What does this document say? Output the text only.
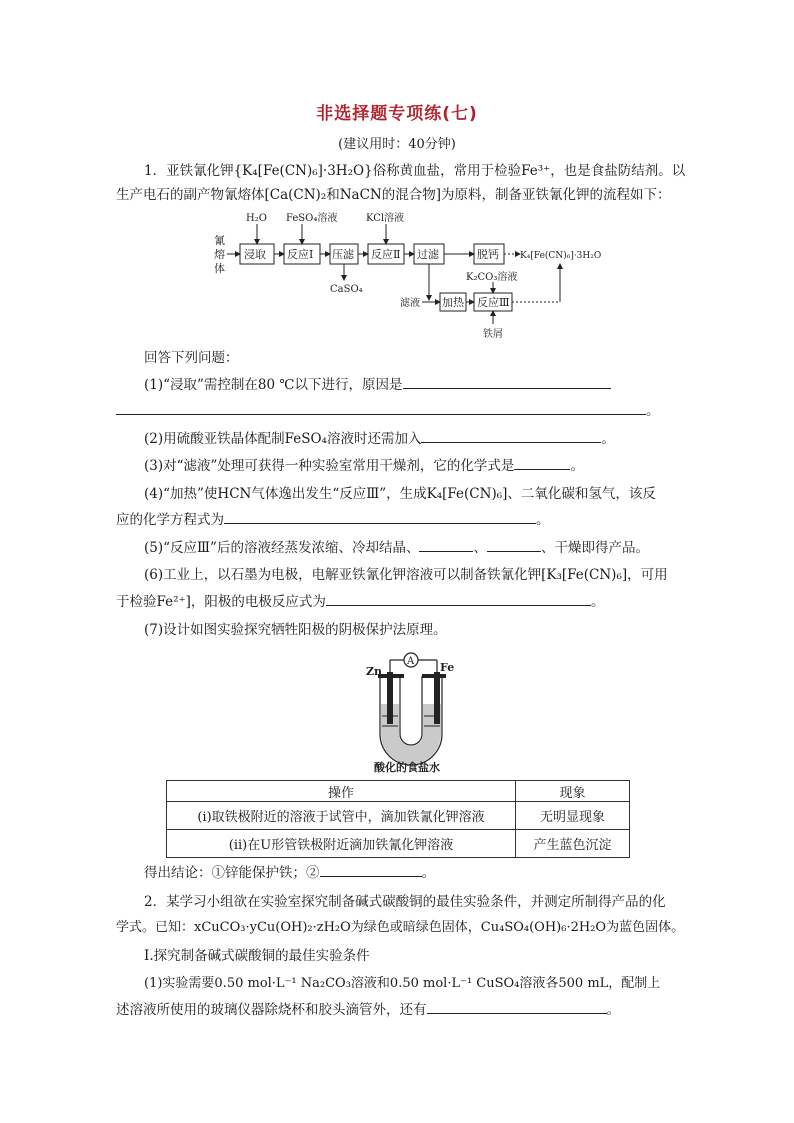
非选择题专项练(七)
(建议用时：40分钟)
1．亚铁氰化钾{K₄[Fe(CN)₆]·3H₂O}俗称黄血盐，常用于检验Fe³⁺，也是食盐防结剂。以
生产电石的副产物氰熔体[Ca(CN)₂和NaCN的混合物]为原料，制备亚铁氰化钾的流程如下：
氰
熔
体
浸取 反应Ⅰ 压滤 反应Ⅱ 过滤	脱钙
加热 反应Ⅲ
H₂O FeSO₄溶液	KCl溶液
CaSO₄
K₂CO₃溶液
滤液
铁屑
K₄[Fe(CN)₆]·3H₂O
回答下列问题：
(1)“浸取”需控制在80 ℃以下进行，原因是
。
(2)用硫酸亚铁晶体配制FeSO₄溶液时还需加入	。
(3)对“滤液”处理可获得一种实验室常用干燥剂，它的化学式是	。
(4)“加热”使HCN气体逸出发生“反应Ⅲ”，生成K₄[Fe(CN)₆]、二氧化碳和氢气，该反
应的化学方程式为	。
(5)“反应Ⅲ”后的溶液经蒸发浓缩、冷却结晶、	、	、干燥即得产品。
(6)工业上，以石墨为电极，电解亚铁氰化钾溶液可以制备铁氰化钾[K₃[Fe(CN)₆]，可用
于检验Fe²⁺]，阳极的电极反应式为	。
(7)设计如图实验探究牺牲阳极的阴极保护法原理。
A
Zn	Fe
酸化的食盐水
操作	现象
(i)取铁极附近的溶液于试管中，滴加铁氰化钾溶液	无明显现象
(ii)在U形管铁极附近滴加铁氰化钾溶液	产生蓝色沉淀
得出结论：①锌能保护铁；②	。
2．某学习小组欲在实验室探究制备碱式碳酸铜的最佳实验条件，并测定所制得产品的化
学式。已知：xCuCO₃·yCu(OH)₂·zH₂O为绿色或暗绿色固体，Cu₄SO₄(OH)₆·2H₂O为蓝色固体。
Ⅰ.探究制备碱式碳酸铜的最佳实验条件
(1)实验需要0.50 mol·L⁻¹ Na₂CO₃溶液和0.50 mol·L⁻¹ CuSO₄溶液各500 mL，配制上
述溶液所使用的玻璃仪器除烧杯和胶头滴管外，还有	。
